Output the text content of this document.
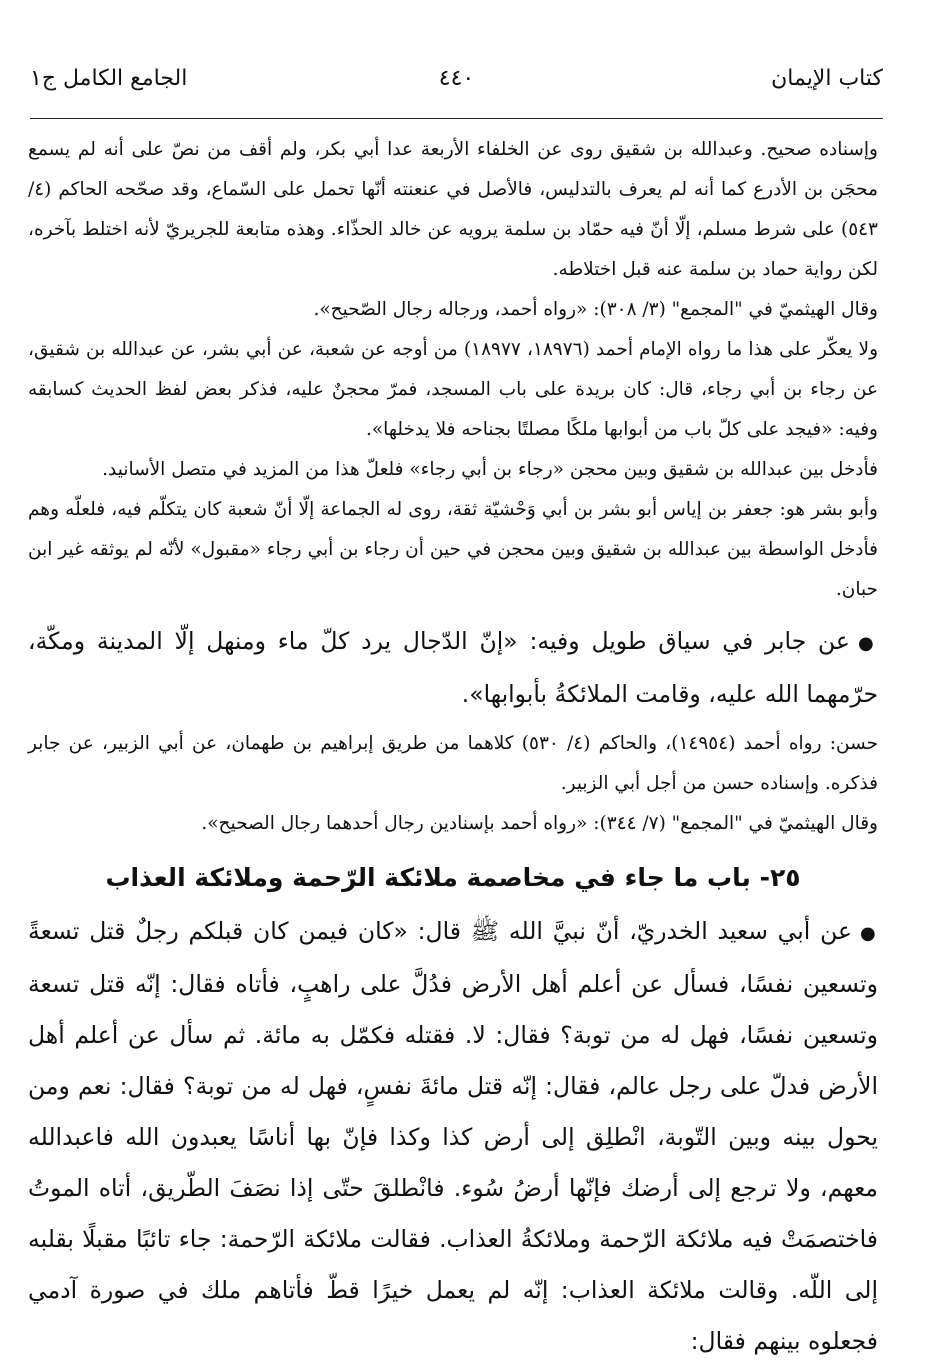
كتاب الإيمان
٤٤٠
الجامع الكامل ج١

وإسناده صحيح. وعبدالله بن شقيق روى عن الخلفاء الأربعة عدا أبي بكر، ولم أقف من نصّ على أنه لم يسمع محجَن بن الأدرع كما أنه لم يعرف بالتدليس، فالأصل في عنعنته أنّها تحمل على السّماع، وقد صحّحه الحاكم (٤/ ٥٤٣) على شرط مسلم، إلّا أنّ فيه حمّاد بن سلمة يرويه عن خالد الحذّاء. وهذه متابعة للجريريّ لأنه اختلط بآخره، لكن رواية حماد بن سلمة عنه قبل اختلاطه.

وقال الهيثميّ في "المجمع" (٣/ ٣٠٨): «رواه أحمد، ورجاله رجال الصّحيح».

ولا يعكّر على هذا ما رواه الإمام أحمد (١٨٩٧٦، ١٨٩٧٧) من أوجه عن شعبة، عن أبي بشر، عن عبدالله بن شقيق، عن رجاء بن أبي رجاء، قال: كان بريدة على باب المسجد، فمرّ محجنٌ عليه، فذكر بعض لفظ الحديث كسابقه وفيه: «فيجد على كلّ باب من أبوابها ملكًا مصلتًا بجناحه فلا يدخلها».

فأدخل بين عبدالله بن شقيق وبين محجن «رجاء بن أبي رجاء» فلعلّ هذا من المزيد في متصل الأسانيد.

وأبو بشر هو: جعفر بن إياس أبو بشر بن أبي وَحْشيّة ثقة، روى له الجماعة إلّا أنّ شعبة كان يتكلّم فيه، فلعلّه وهم فأدخل الواسطة بين عبدالله بن شقيق وبين محجن في حين أن رجاء بن أبي رجاء «مقبول» لأنّه لم يوثقه غير ابن حبان.

● عن جابر في سياق طويل وفيه: «إنّ الدّجال يرد كلّ ماء ومنهل إلّا المدينة ومكّة، حرّمهما الله عليه، وقامت الملائكةُ بأبوابها».

حسن: رواه أحمد (١٤٩٥٤)، والحاكم (٤/ ٥٣٠) كلاهما من طريق إبراهيم بن طهمان، عن أبي الزبير، عن جابر فذكره. وإسناده حسن من أجل أبي الزبير.

وقال الهيثميّ في "المجمع" (٧/ ٣٤٤): «رواه أحمد بإسنادين رجال أحدهما رجال الصحيح».

٢٥- باب ما جاء في مخاصمة ملائكة الرّحمة وملائكة العذاب

● عن أبي سعيد الخدريّ، أنّ نبيَّ الله ﷺ قال: «كان فيمن كان قبلكم رجلٌ قتل تسعةً وتسعين نفسًا، فسأل عن أعلم أهل الأرض فدُلَّ على راهبٍ، فأتاه فقال: إنّه قتل تسعة وتسعين نفسًا، فهل له من توبة؟ فقال: لا. فقتله فكمّل به مائة. ثم سأل عن أعلم أهل الأرض فدلّ على رجل عالم، فقال: إنّه قتل مائةَ نفسٍ، فهل له من توبة؟ فقال: نعم ومن يحول بينه وبين التّوبة، انْطلِق إلى أرض كذا وكذا فإنّ بها أناسًا يعبدون الله فاعبدالله معهم، ولا ترجع إلى أرضك فإنّها أرضُ سُوء. فانْطلقَ حتّى إذا نصَفَ الطّريق، أتاه الموتُ فاختصمَتْ فيه ملائكة الرّحمة وملائكةُ العذاب. فقالت ملائكة الرّحمة: جاء تائبًا مقبلًا بقلبه إلى اللّه. وقالت ملائكة العذاب: إنّه لم يعمل خيرًا قطّ فأتاهم ملك في صورة آدمي فجعلوه بينهم فقال:
